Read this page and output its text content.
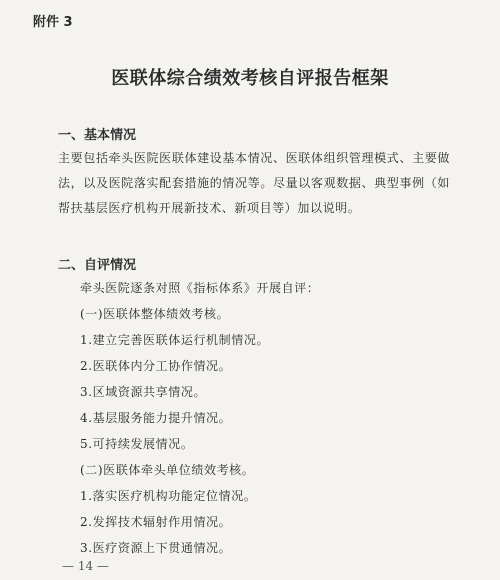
附件 3
医联体综合绩效考核自评报告框架
一、基本情况

主要包括牵头医院医联体建设基本情况、医联体组织管理模式、主要做法，以及医院落实配套措施的情况等。尽量以客观数据、典型事例（如帮扶基层医疗机构开展新技术、新项目等）加以说明。

二、自评情况
牵头医院逐条对照《指标体系》开展自评：
(一)医联体整体绩效考核。
1.建立完善医联体运行机制情况。
2.医联体内分工协作情况。
3.区域资源共享情况。
4.基层服务能力提升情况。
5.可持续发展情况。
(二)医联体牵头单位绩效考核。
1.落实医疗机构功能定位情况。
2.发挥技术辐射作用情况。
3.医疗资源上下贯通情况。
— 14 —
